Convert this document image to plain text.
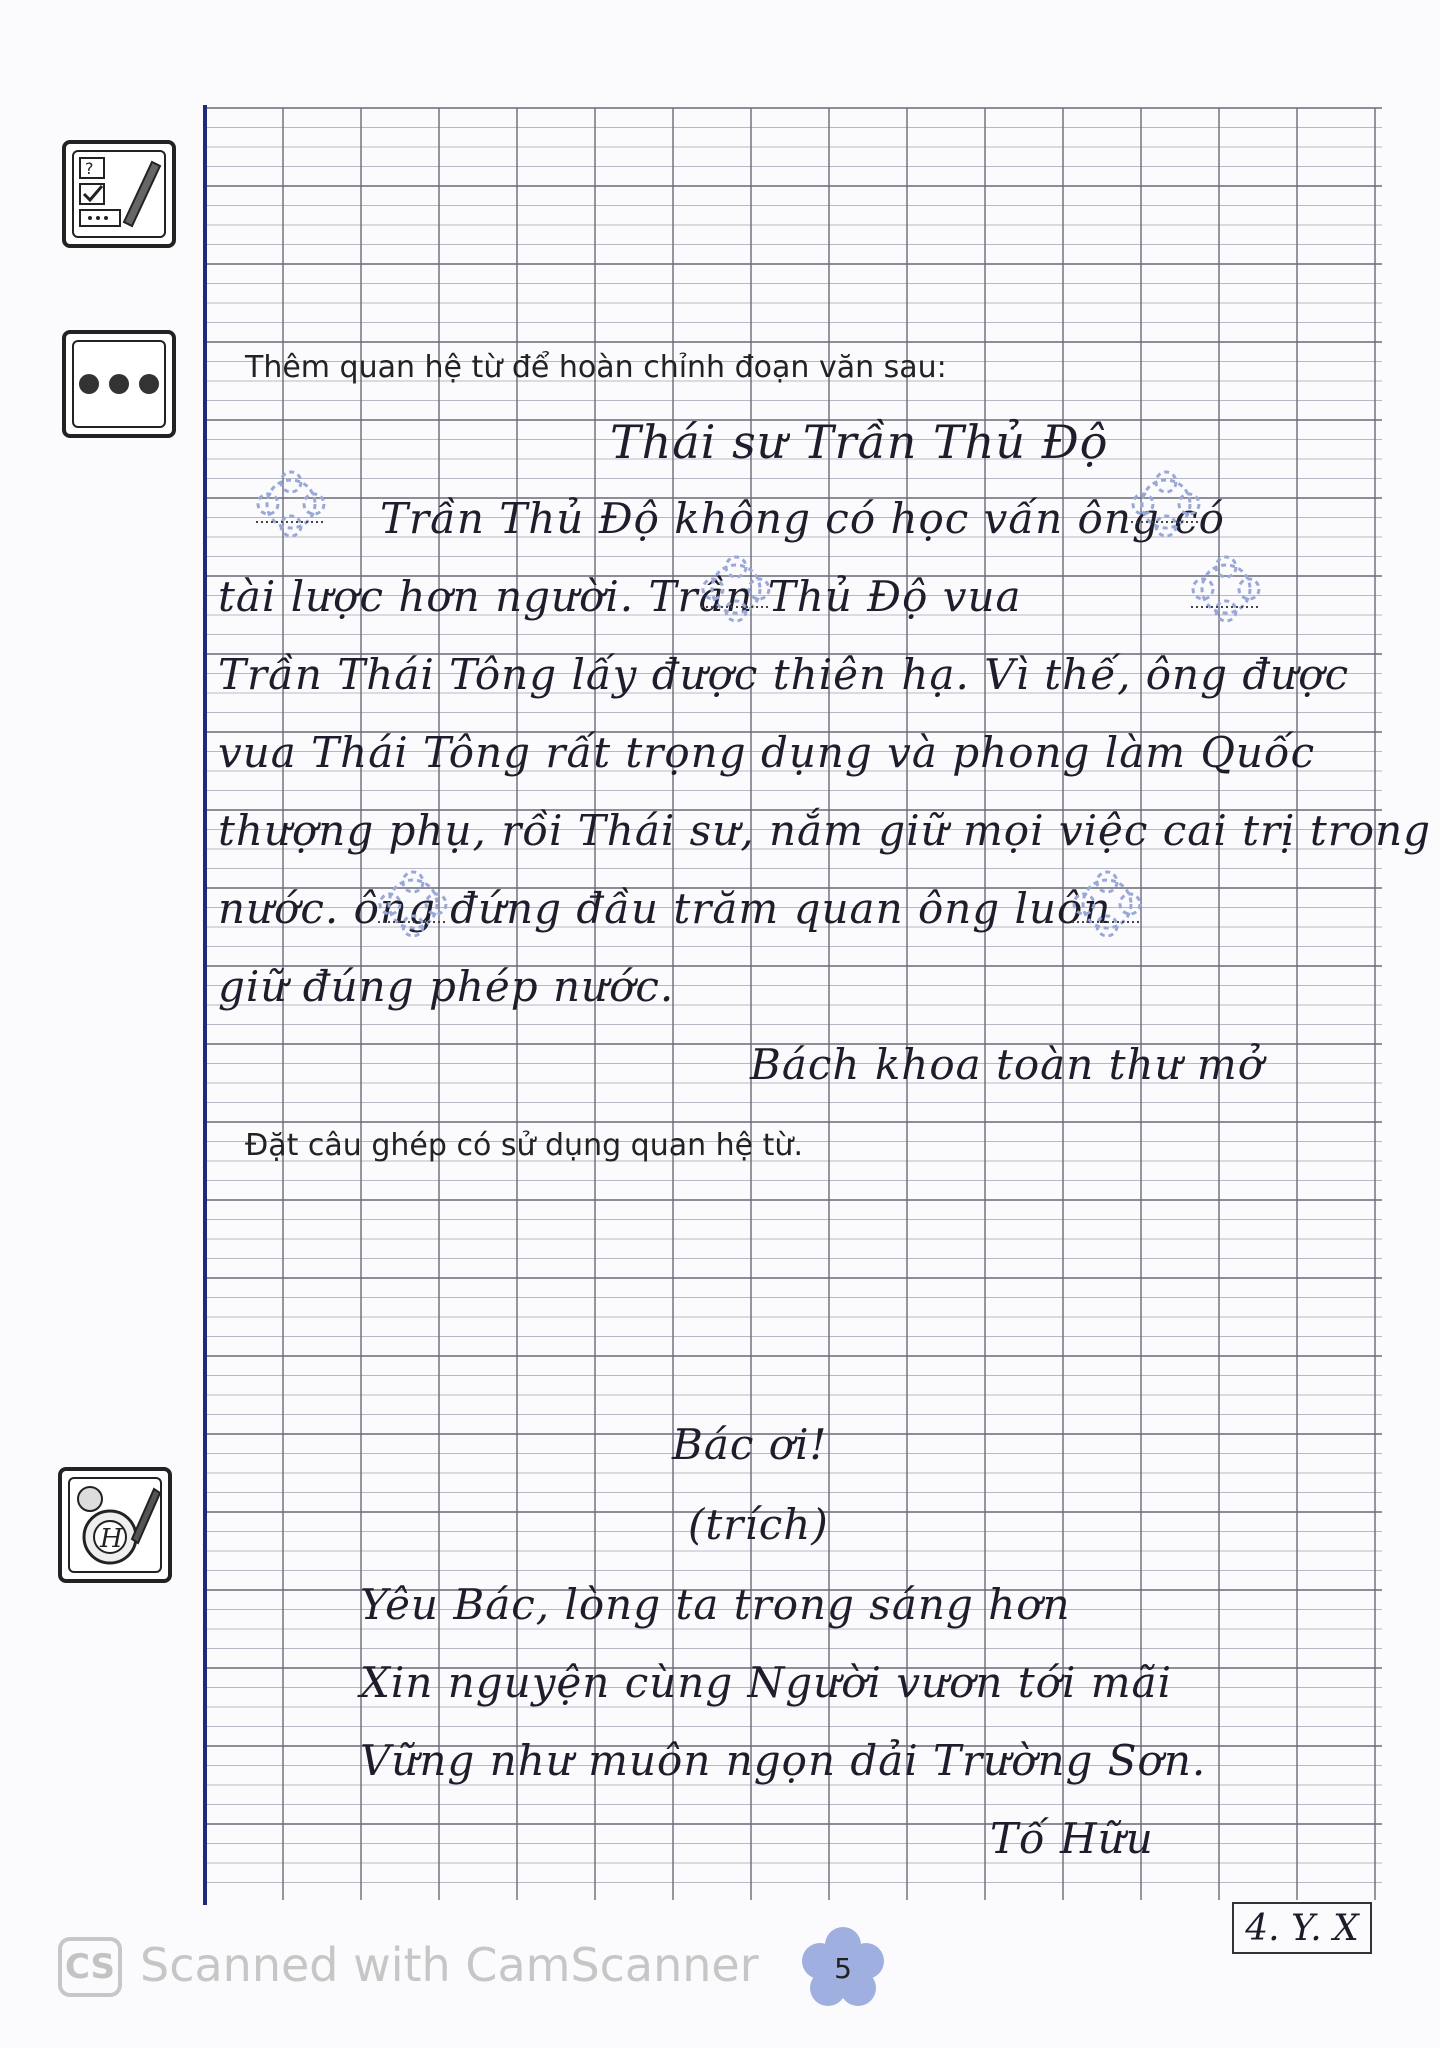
?
H
Thêm quan hệ từ để hoàn chỉnh đoạn văn sau:
Thái sư Trần Thủ Độ
Trần Thủ Độ không có học vấn ông có
tài lược hơn người. Trần Thủ Độ vua
Trần Thái Tông lấy được thiên hạ. Vì thế, ông được
vua Thái Tông rất trọng dụng và phong làm Quốc
thượng phụ, rồi Thái sư, nắm giữ mọi việc cai trị trong
nước. ông đứng đầu trăm quan ông luôn
giữ đúng phép nước.
Bách khoa toàn thư mở
Đặt câu ghép có sử dụng quan hệ từ.
Bác ơi!
(trích)
Yêu Bác, lòng ta trong sáng hơn
Xin nguyện cùng Người vươn tới mãi
Vững như muôn ngọn dải Trường Sơn.
Tố Hữu
CS Scanned with CamScanner	5
4. Y. X
